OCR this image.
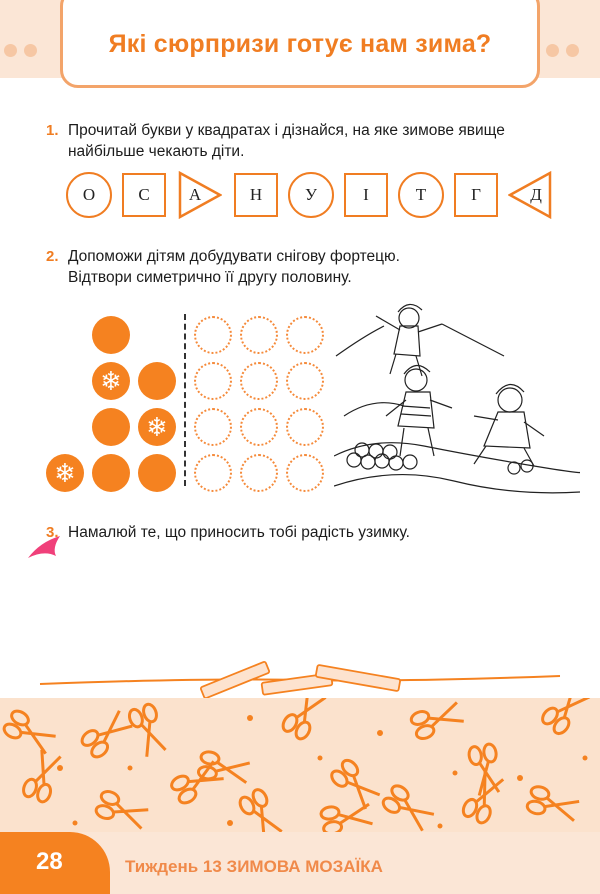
Які сюрпризи готує нам зима?
1. Прочитай букви у квадратах і дізнайся, на яке зимове явище
найбільше чекають діти.
О	С А	Н	У	І	Т	Г	Д
2. Допоможи дітям добудувати снігову фортецю.
Відтвори симетрично її другу половину.
❄
❄
❄
3. Намалюй те, що приносить тобі радість узимку.
28	Тиждень 13 ЗИМОВА МОЗАЇКА
